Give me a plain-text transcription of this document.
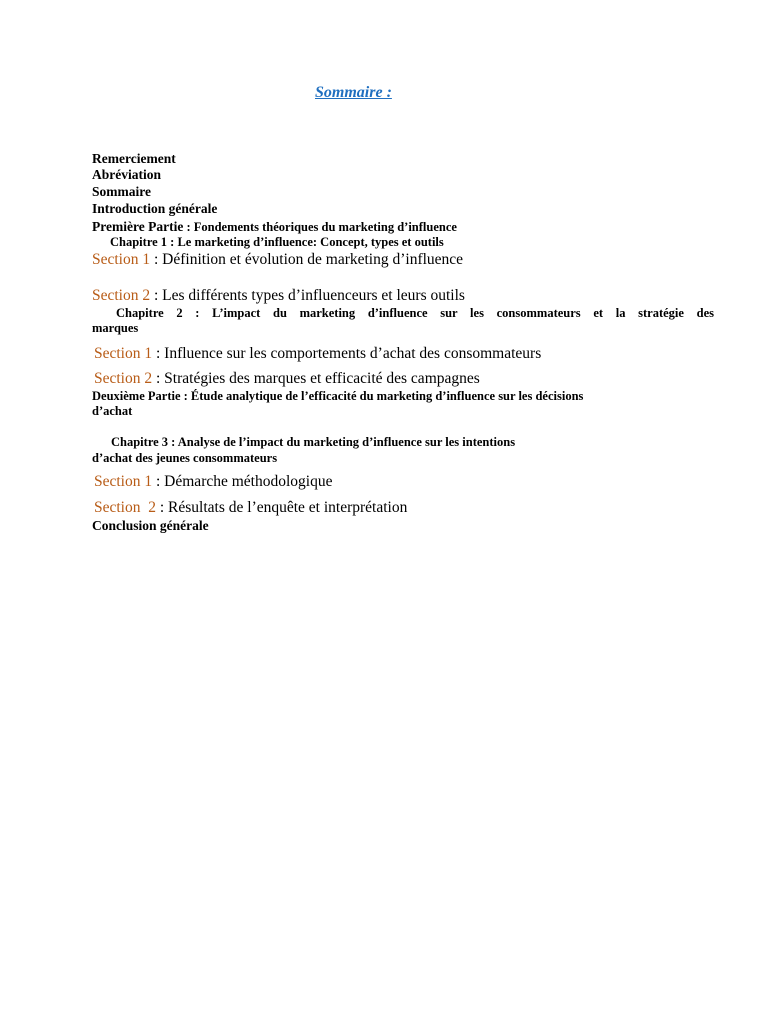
Sommaire :
Remerciement
Abréviation
Sommaire
Introduction générale
Première Partie : Fondements théoriques du marketing d’influence
Chapitre 1 : Le marketing d’influence: Concept, types et outils
Section 1 : Définition et évolution de marketing d’influence
Section 2 : Les différents types d’influenceurs et leurs outils
Chapitre 2 : L’impact du marketing d’influence sur les consommateurs et la stratégie des
marques
Section 1 : Influence sur les comportements d’achat des consommateurs
Section 2 : Stratégies des marques et efficacité des campagnes
Deuxième Partie : Étude analytique de l’efficacité du marketing d’influence sur les décisions
d’achat
Chapitre 3 : Analyse de l’impact du marketing d’influence sur les intentions
d’achat des jeunes consommateurs
Section 1 : Démarche méthodologique
Section  2 : Résultats de l’enquête et interprétation
Conclusion générale
